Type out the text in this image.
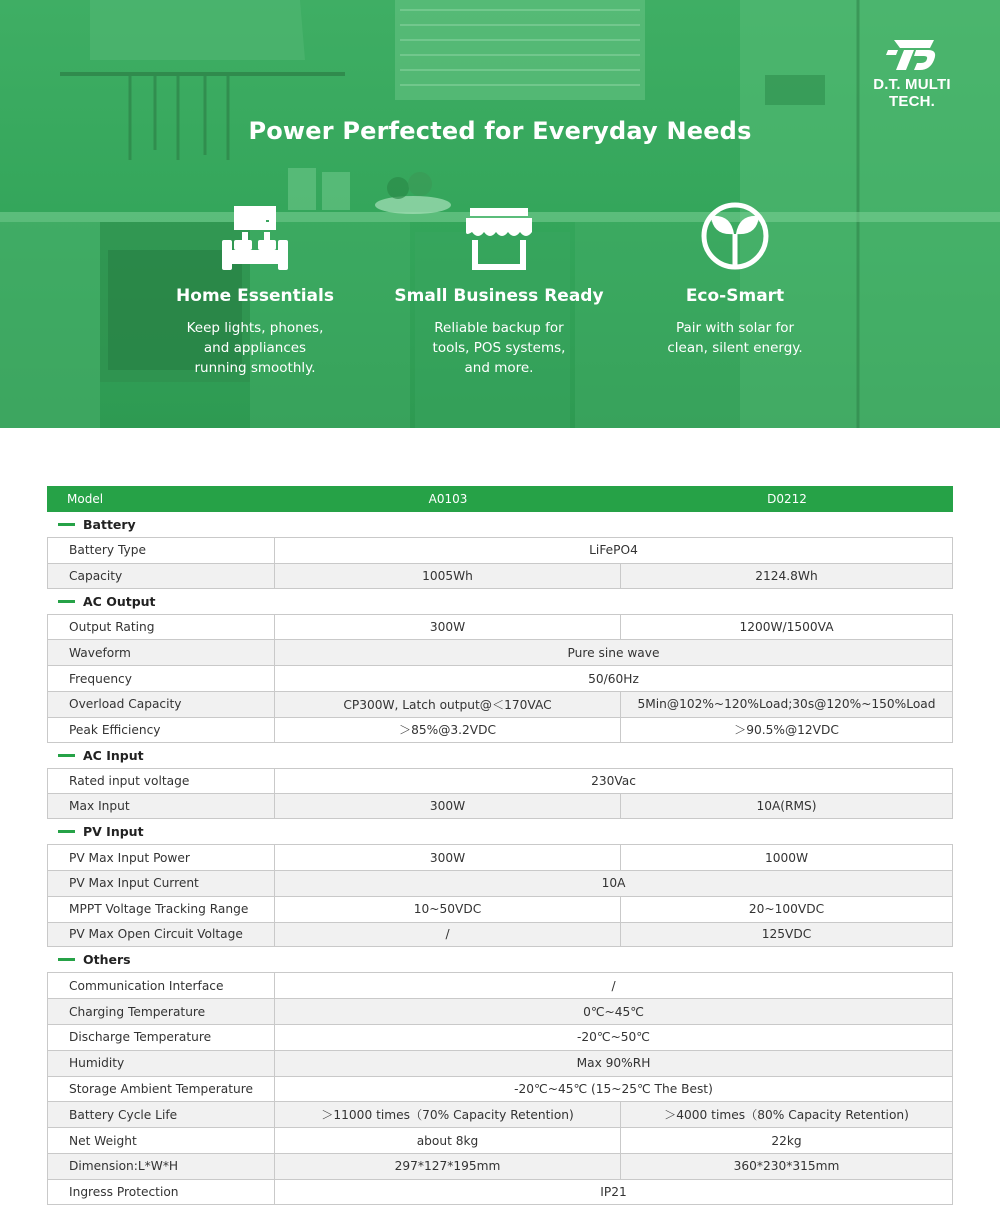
D.T. MULTI TECH.
Power Perfected for Everyday Needs
Home Essentials
Keep lights, phones, and appliances running smoothly.
Small Business Ready
Reliable backup for tools, POS systems, and more.
Eco-Smart
Pair with solar for clean, silent energy.
Model	A0103	D0212
Battery
Battery Type	LiFePO4
Capacity	1005Wh	2124.8Wh
AC Output
Output Rating	300W	1200W/1500VA
Waveform	Pure sine wave
Frequency	50/60Hz
Overload Capacity	CP300W, Latch output@＜170VAC	5Min@102%~120%Load;30s@120%~150%Load
Peak Efficiency	＞85%@3.2VDC	＞90.5%@12VDC
AC Input
Rated input voltage	230Vac
Max Input	300W	10A(RMS)
PV Input
PV Max Input Power	300W	1000W
PV Max Input Current	10A
MPPT Voltage Tracking Range	10~50VDC	20~100VDC
PV Max Open Circuit Voltage	/	125VDC
Others
Communication Interface	/
Charging Temperature	0℃~45℃
Discharge Temperature	-20℃~50℃
Humidity	Max 90%RH
Storage Ambient Temperature	-20℃~45℃ (15~25℃ The Best)
Battery Cycle Life	＞11000 times（70% Capacity Retention)	＞4000 times（80% Capacity Retention)
Net Weight	about 8kg	22kg
Dimension:L*W*H	297*127*195mm	360*230*315mm
Ingress Protection	IP21
